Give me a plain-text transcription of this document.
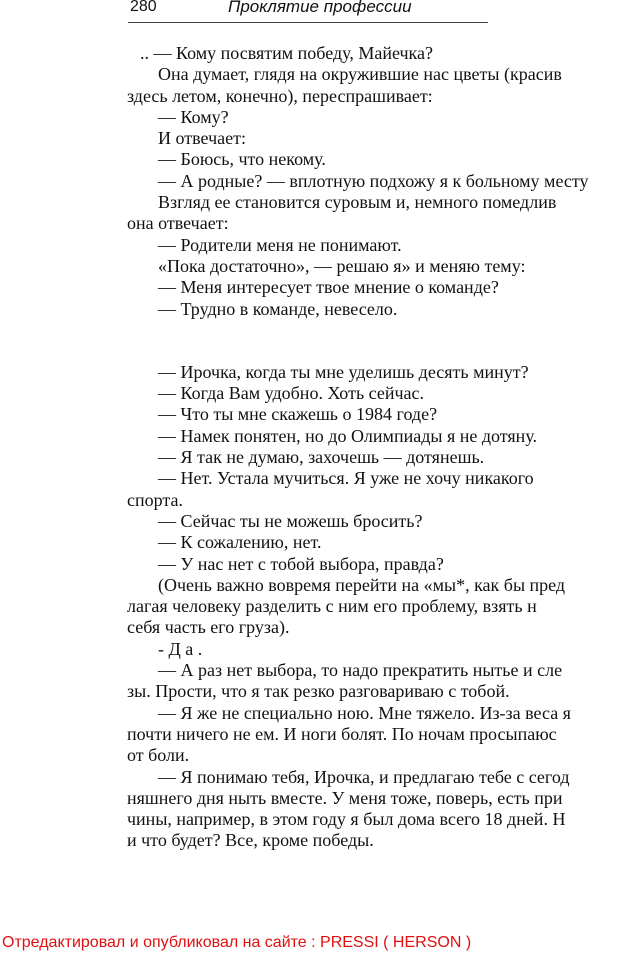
280	Проклятие профессии
.. — Кому посвятим победу, Майечка?
Она думает, глядя на окружившие нас цветы (красив
здесь летом, конечно), переспрашивает:
— Кому?
И отвечает:
— Боюсь, что некому.
— А родные? — вплотную подхожу я к больному месту
Взгляд ее становится суровым и, немного помедлив
она отвечает:
— Родители меня не понимают.
«Пока достаточно», — решаю я» и меняю тему:
— Меня интересует твое мнение о команде?
— Трудно в команде, невесело.
— Ирочка, когда ты мне уделишь десять минут?
— Когда Вам удобно. Хоть сейчас.
— Что ты мне скажешь о 1984 годе?
— Намек понятен, но до Олимпиады я не дотяну.
— Я так не думаю, захочешь — дотянешь.
— Нет. Устала мучиться. Я уже не хочу никакого
спорта.
— Сейчас ты не можешь бросить?
— К сожалению, нет.
— У нас нет с тобой выбора, правда?
(Очень важно вовремя перейти на «мы*, как бы пред
лагая человеку разделить с ним его проблему, взять н
себя часть его груза).
- Д а .
— А раз нет выбора, то надо прекратить нытье и сле
зы. Прости, что я так резко разговариваю с тобой.
— Я же не специально ною. Мне тяжело. Из-за веса я
почти ничего не ем. И ноги болят. По ночам просыпаюс
от боли.
— Я понимаю тебя, Ирочка, и предлагаю тебе с сегод
няшнего дня ныть вместе. У меня тоже, поверь, есть при
чины, например, в этом году я был дома всего 18 дней. Н
и что будет? Все, кроме победы.
Отредактировал и опубликовал на сайте : PRESSI ( HERSON )
